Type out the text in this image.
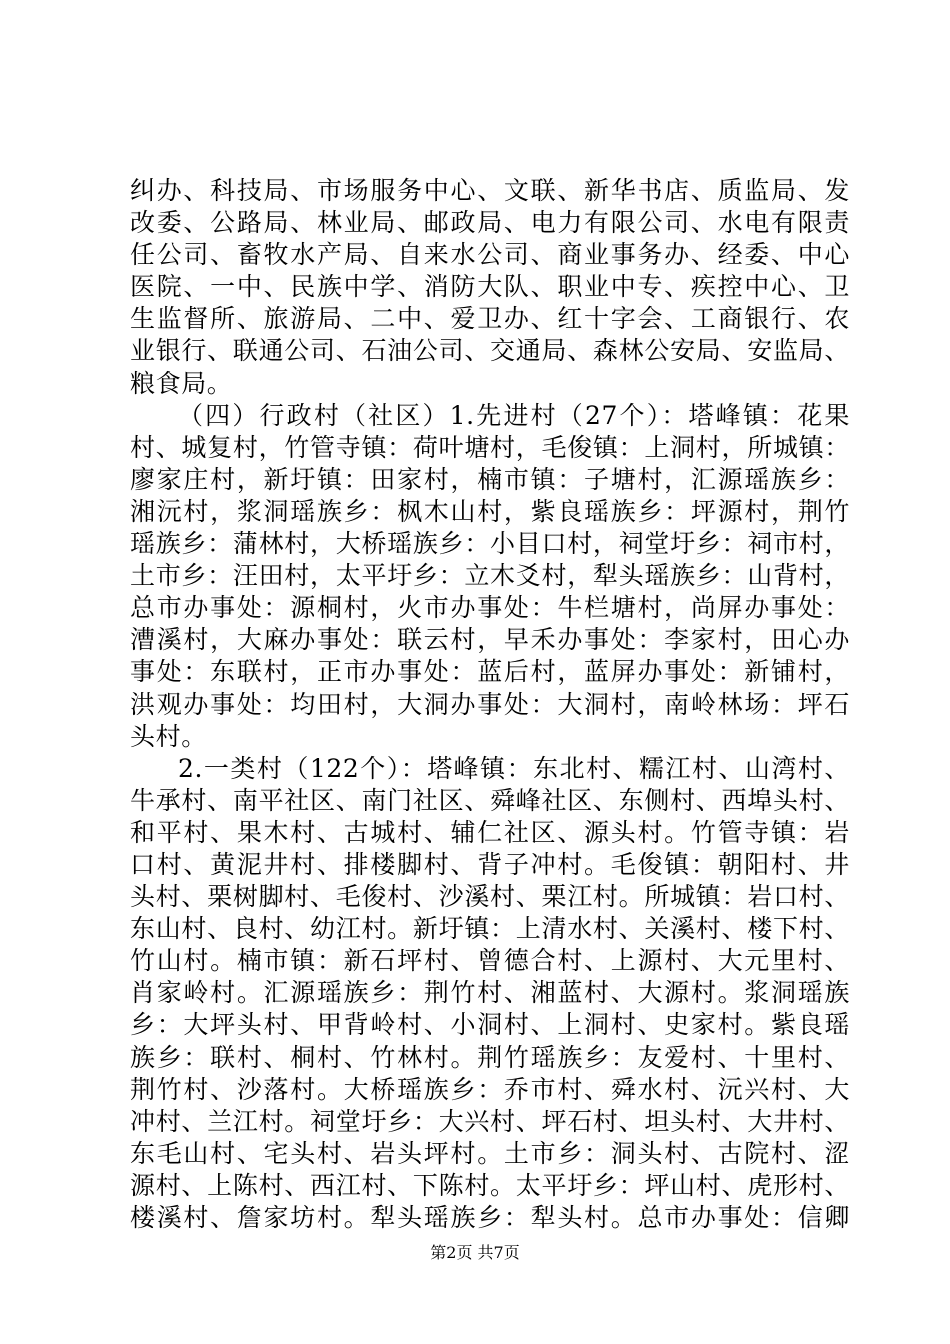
纠办、科技局、市场服务中心、文联、新华书店、质监局、发
改委、公路局、林业局、邮政局、电力有限公司、水电有限责
任公司、畜牧水产局、自来水公司、商业事务办、经委、中心
医院、一中、民族中学、消防大队、职业中专、疾控中心、卫
生监督所、旅游局、二中、爱卫办、红十字会、工商银行、农
业银行、联通公司、石油公司、交通局、森林公安局、安监局、
粮食局。
（四）行政村（社区）1.先进村（27个）：塔峰镇：花果
村、城复村，竹管寺镇：荷叶塘村，毛俊镇：上洞村，所城镇：
廖家庄村，新圩镇：田家村，楠市镇：子塘村，汇源瑶族乡：
湘沅村，浆洞瑶族乡：枫木山村，紫良瑶族乡：坪源村，荆竹
瑶族乡：蒲林村，大桥瑶族乡：小目口村，祠堂圩乡：祠市村，
土市乡：汪田村，太平圩乡：立木爻村，犁头瑶族乡：山背村，
总市办事处：源桐村，火市办事处：牛栏塘村，尚屏办事处：
漕溪村，大麻办事处：联云村，早禾办事处：李家村，田心办
事处：东联村，正市办事处：蓝后村，蓝屏办事处：新铺村，
洪观办事处：均田村，大洞办事处：大洞村，南岭林场：坪石
头村。
2.一类村（122个）：塔峰镇：东北村、糯江村、山湾村、
牛承村、南平社区、南门社区、舜峰社区、东侧村、西埠头村、
和平村、果木村、古城村、辅仁社区、源头村。竹管寺镇：岩
口村、黄泥井村、排楼脚村、背子冲村。毛俊镇：朝阳村、井
头村、栗树脚村、毛俊村、沙溪村、栗江村。所城镇：岩口村、
东山村、良村、幼江村。新圩镇：上清水村、关溪村、楼下村、
竹山村。楠市镇：新石坪村、曾德合村、上源村、大元里村、
肖家岭村。汇源瑶族乡：荆竹村、湘蓝村、大源村。浆洞瑶族
乡：大坪头村、甲背岭村、小洞村、上洞村、史家村。紫良瑶
族乡：联村、桐村、竹林村。荆竹瑶族乡：友爱村、十里村、
荆竹村、沙落村。大桥瑶族乡：乔市村、舜水村、沅兴村、大
冲村、兰江村。祠堂圩乡：大兴村、坪石村、坦头村、大井村、
东毛山村、宅头村、岩头坪村。土市乡：洞头村、古院村、涩
源村、上陈村、西江村、下陈村。太平圩乡：坪山村、虎形村、
楼溪村、詹家坊村。犁头瑶族乡：犁头村。总市办事处：信卿
第2页 共7页
